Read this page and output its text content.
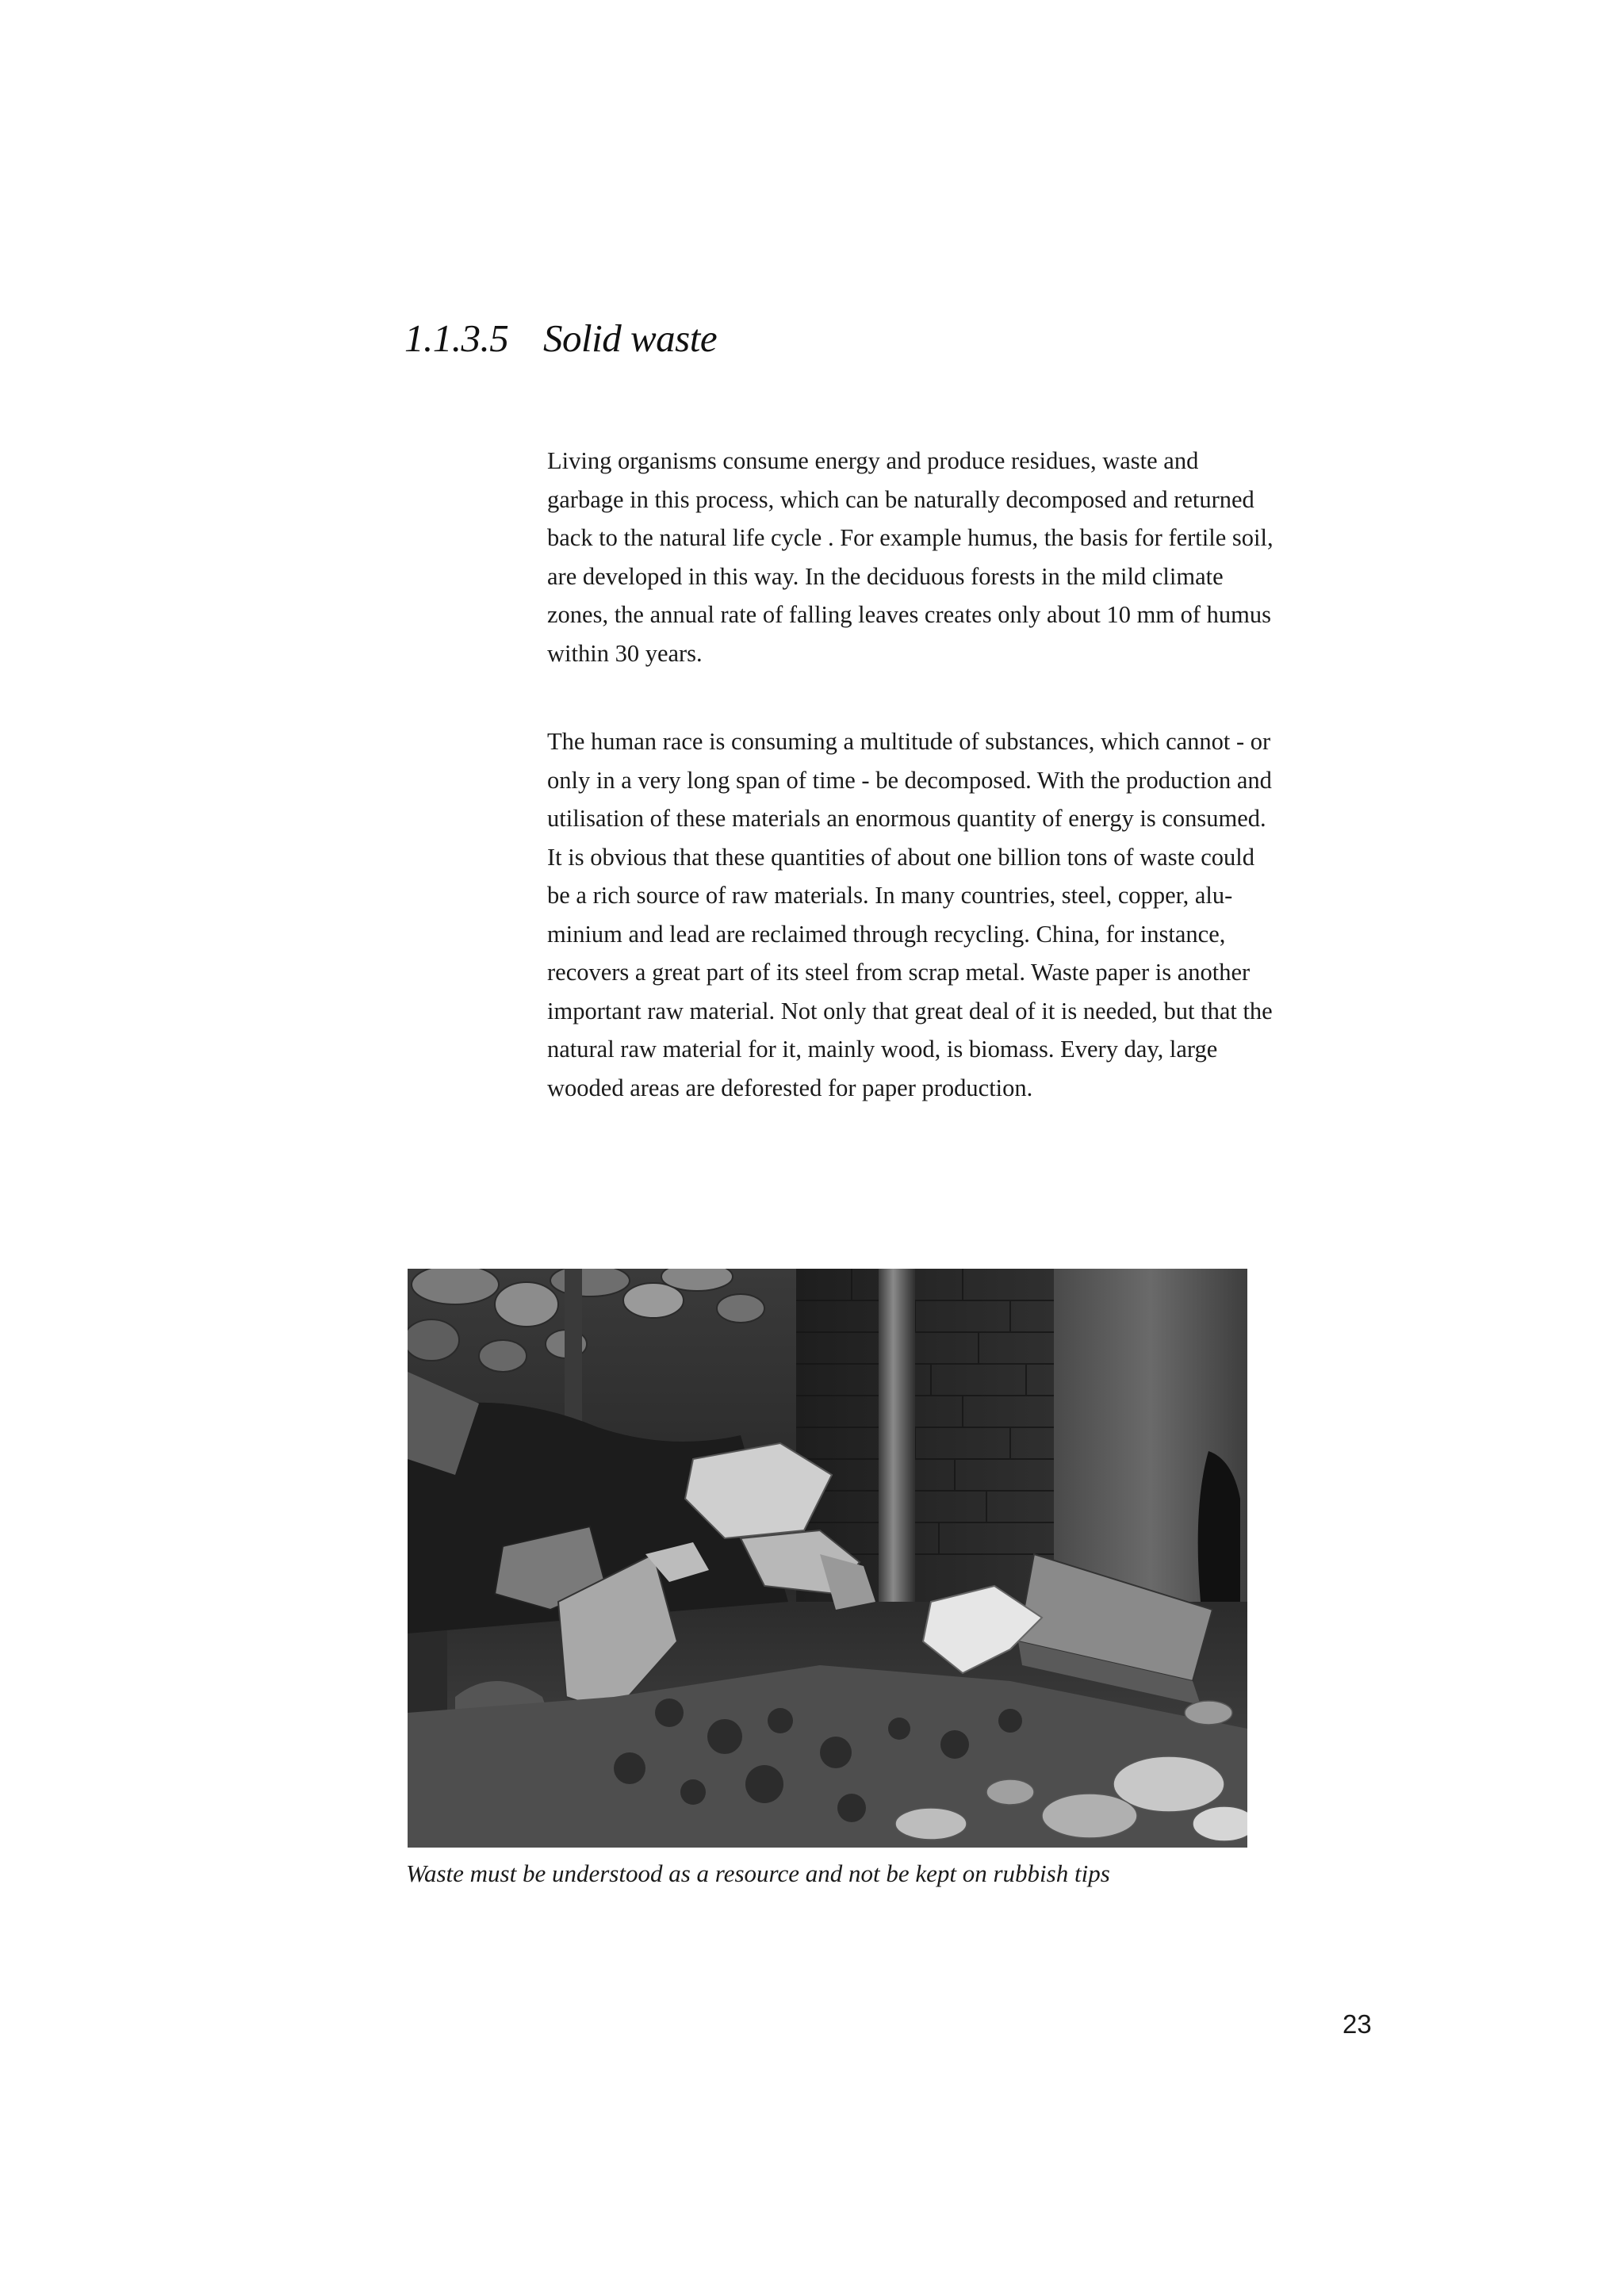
1.1.3.5 Solid waste

Living organisms consume energy and produce residues, waste and
garbage in this process, which can be naturally decomposed and returned
back to the natural life cycle . For example humus, the basis for fertile soil,
are developed in this way. In the deciduous forests in the mild climate
zones, the annual rate of falling leaves creates only about 10 mm of humus
within 30 years.

The human race is consuming a multitude of substances, which cannot - or
only in a very long span of time - be decomposed. With the production and
utilisation of these materials an enormous quantity of energy is consumed.
It is obvious that these quantities of about one billion tons of waste could
be a rich source of raw materials. In many countries, steel, copper, alu-
minium and lead are reclaimed through recycling. China, for instance,
recovers a great part of its steel from scrap metal. Waste paper is another
important raw material. Not only that great deal of it is needed, but that the
natural raw material for it, mainly wood, is biomass. Every day, large
wooded areas are deforested for paper production.

Waste must be understood as a resource and not be kept on rubbish tips
23
